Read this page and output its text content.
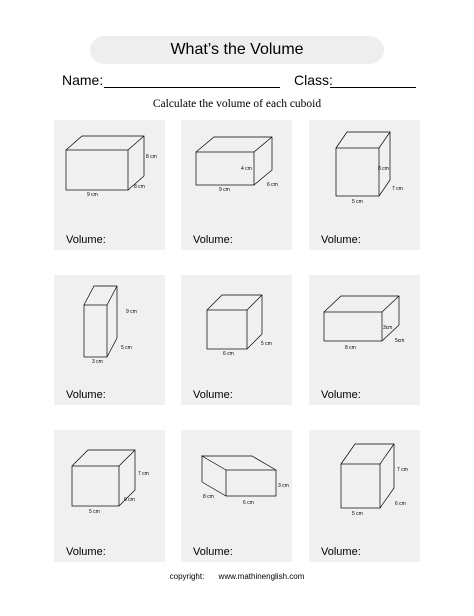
What’s the Volume
Name:	Class:
Calculate the volume of each cuboid
8 cm
8 cm
9 cm
Volume:
4 cm
6 cm
9 cm
Volume:
8 cm
7 cm
5 cm
Volume:
9 cm
5 cm
3 cm
Volume:
5 cm
6 cm
Volume:
3cm
5cm
8 cm
Volume:
7 cm
6 cm
5 cm
Volume:
3 cm
8 cm
6 cm
Volume:
7 cm
6 cm
5 cm
Volume:
copyright: www.mathinenglish.com
